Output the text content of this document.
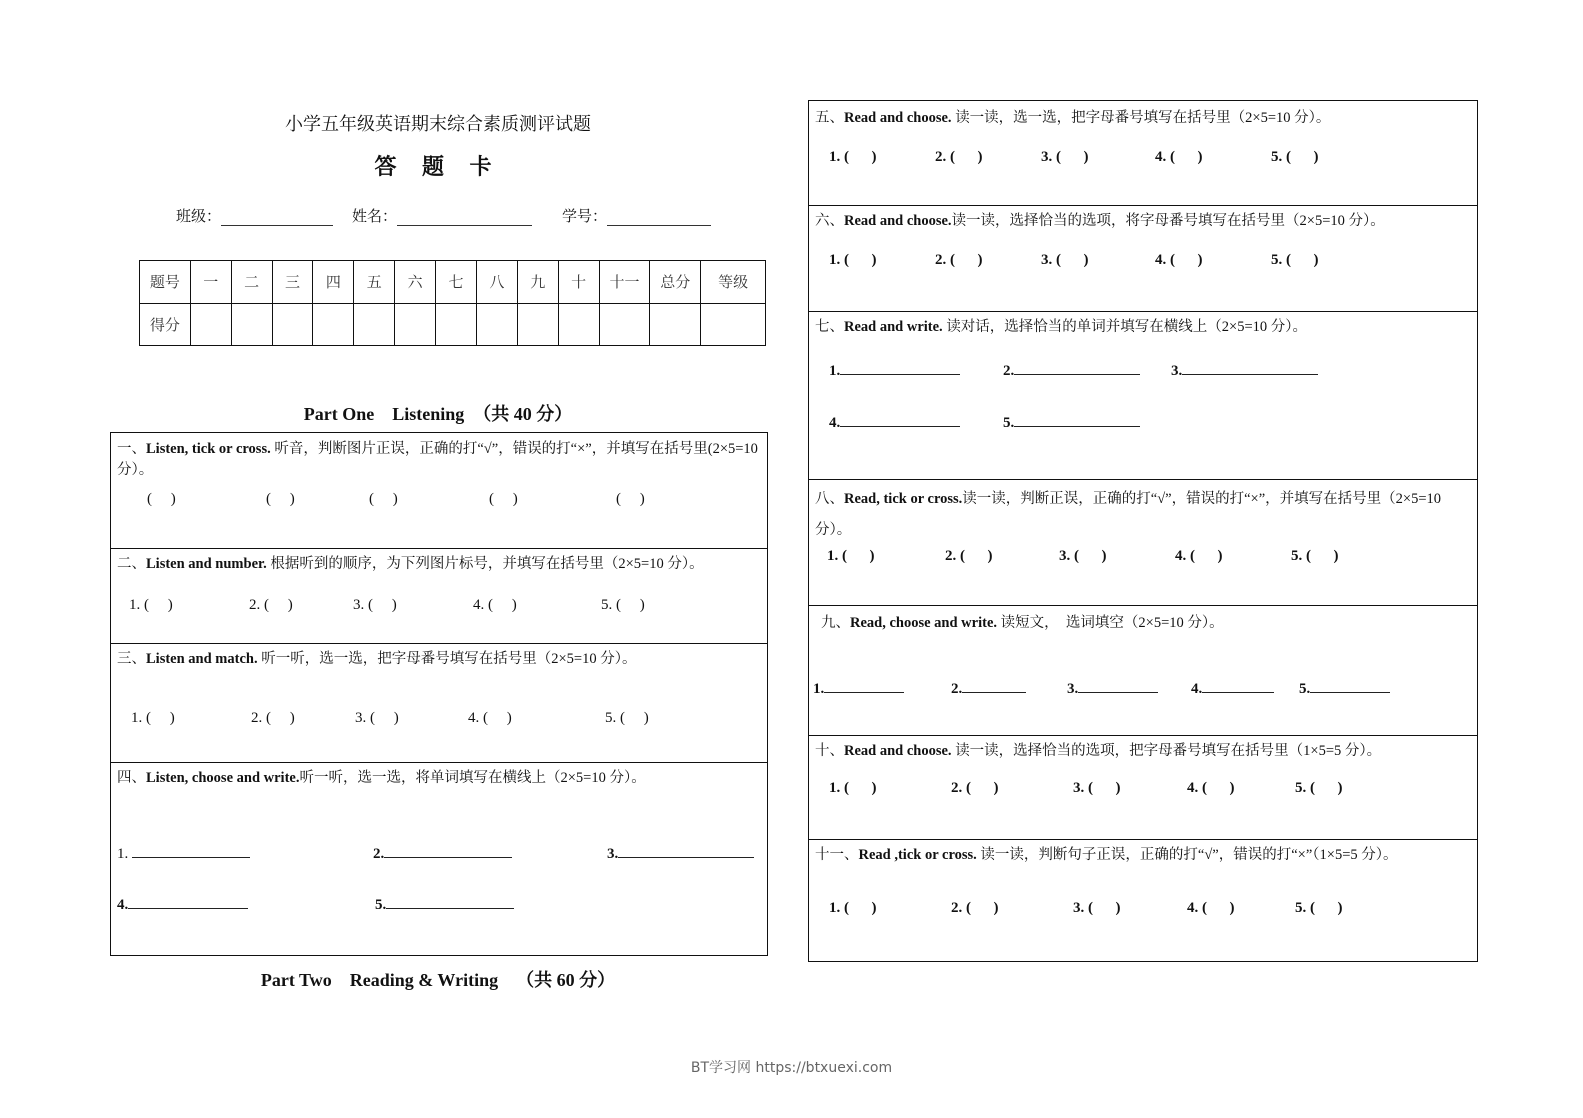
小学五年级英语期末综合素质测评试题
答 题 卡
班级：	姓名：	学号：
题号	一	二	三	四	五	六	七	八	九	十	十一	总分	等级
得分													
Part One    Listening  （共 40 分）
一、Listen, tick or cross. 听音，判断图片正误，正确的打“√”，错误的打“×”，并填写在括号里(2×5=10 分）。
(     )	(     )	(     )	(     )	(     )
二、Listen and number. 根据听到的顺序，为下列图片标号，并填写在括号里（2×5=10 分）。
1. (     )	2. (     )	3. (     )	4. (     )	5. (     )
三、Listen and match. 听一听，选一选，把字母番号填写在括号里（2×5=10 分）。
1. (     )	2. (     )	3. (     )	4. (     )	5. (     )
四、Listen, choose and write.听一听，选一选，将单词填写在横线上（2×5=10 分）。
1.	2.	3.
4.	5.
Part Two    Reading & Writing    （共 60 分）
五、Read and choose. 读一读，选一选，把字母番号填写在括号里（2×5=10 分）。
1. (      )	2. (      )	3. (      )	4. (      )	5. (      )
六、Read and choose.读一读，选择恰当的选项，将字母番号填写在括号里（2×5=10 分）。
1. (      )	2. (      )	3. (      )	4. (      )	5. (      )
七、Read and write. 读对话，选择恰当的单词并填写在横线上（2×5=10 分）。
1.	2.	3.
4.	5.
八、Read, tick or cross.读一读，判断正误，正确的打“√”，错误的打“×”，并填写在括号里（2×5=10 分）。
1. (      )	2. (      )	3. (      )	4. (      )	5. (      )
九、Read, choose and write. 读短文，  选词填空（2×5=10 分）。
1.	2.	3.	4.	5.
十、Read and choose. 读一读，选择恰当的选项，把字母番号填写在括号里（1×5=5 分）。
1. (      )	2. (      )	3. (      )	4. (      )	5. (      )
十一、Read ,tick or cross. 读一读，判断句子正误，正确的打“√”，错误的打“×”（1×5=5 分）。
1. (      )	2. (      )	3. (      )	4. (      )	5. (      )
BT学习网 https://btxuexi.com
